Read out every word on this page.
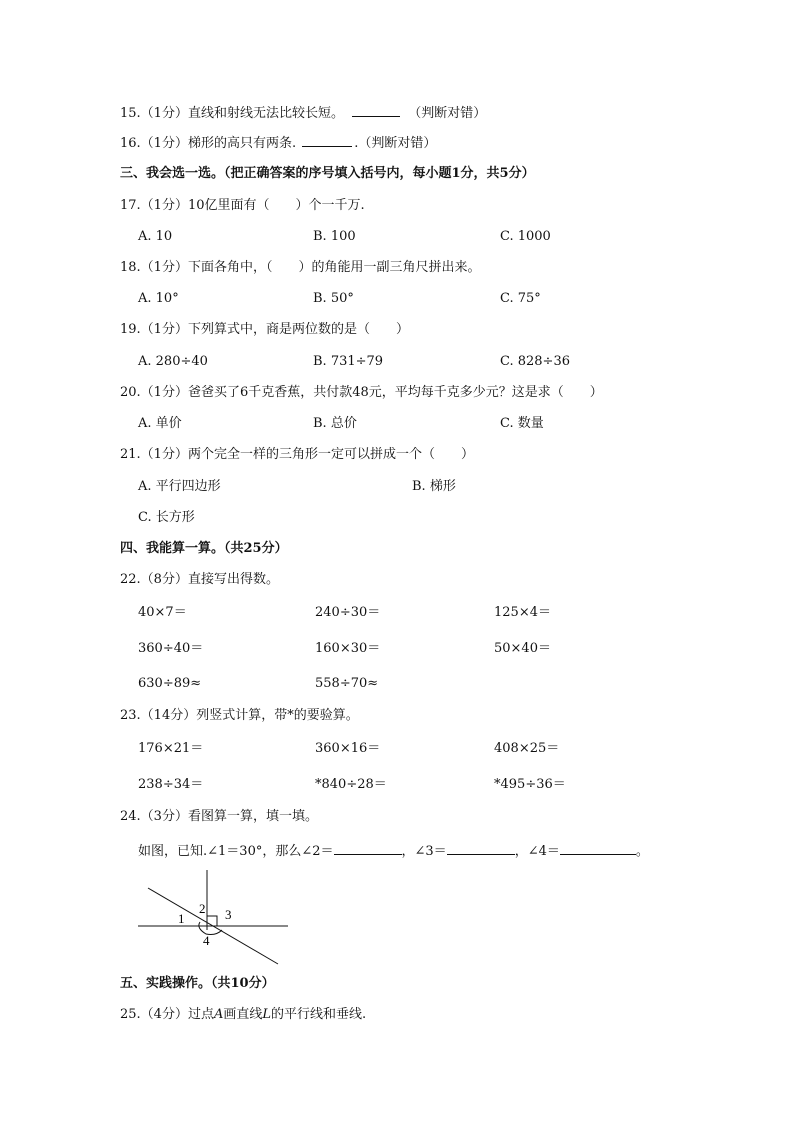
15.（1分）直线和射线无法比较长短。	（判断对错）
16.（1分）梯形的高只有两条.	.（判断对错）
三、我会选一选。（把正确答案的序号填入括号内，每小题1分，共5分）
17.（1分）10亿里面有（　　）个一千万.
A. 10	B. 100	C. 1000
18.（1分）下面各角中，（　　）的角能用一副三角尺拼出来。
A. 10°	B. 50°	C. 75°
19.（1分）下列算式中，商是两位数的是（　　）
A. 280÷40	B. 731÷79	C. 828÷36
20.（1分）爸爸买了6千克香蕉，共付款48元，平均每千克多少元？这是求（　　）
A. 单价	B. 总价	C. 数量
21.（1分）两个完全一样的三角形一定可以拼成一个（　　）
A. 平行四边形	B. 梯形
C. 长方形
四、我能算一算。（共25分）
22.（8分）直接写出得数。
40×7＝	240÷30＝	125×4＝
360÷40＝	160×30＝	50×40＝
630÷89≈	558÷70≈
23.（14分）列竖式计算，带*的要验算。
176×21＝	360×16＝	408×25＝
238÷34＝	*840÷28＝	*495÷36＝
24.（3分）看图算一算，填一填。
如图，已知.∠1＝30°，那么∠2＝	，∠3＝	，∠4＝	。
1
2 3
4
五、实践操作。（共10分）
25.（4分）过点A画直线L的平行线和垂线.
